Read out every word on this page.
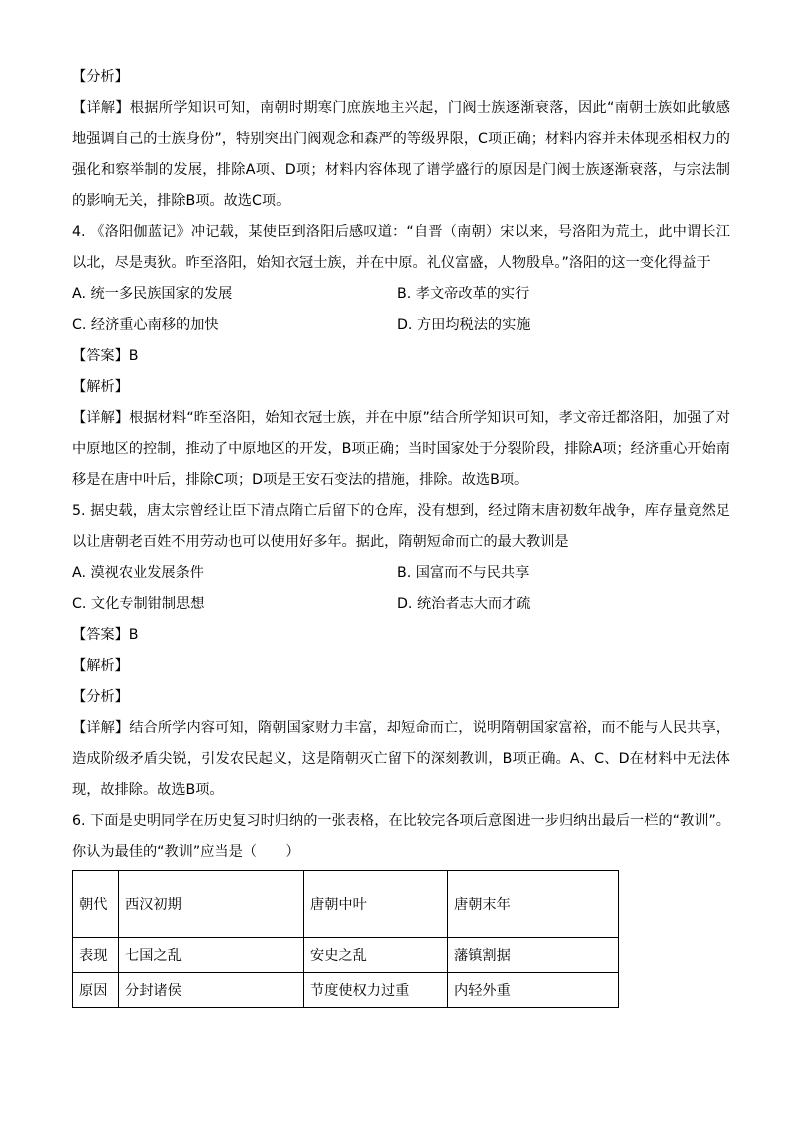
【分析】

【详解】根据所学知识可知，南朝时期寒门庶族地主兴起，门阀士族逐渐衰落，因此“南朝士族如此敏感地强调自己的士族身份”，特别突出门阀观念和森严的等级界限，C项正确；材料内容并未体现丞相权力的强化和察举制的发展，排除A项、D项；材料内容体现了谱学盛行的原因是门阀士族逐渐衰落，与宗法制的影响无关，排除B项。故选C项。

4. 《洛阳伽蓝记》冲记载，某使臣到洛阳后感叹道：“自晋（南朝）宋以来，号洛阳为荒土，此中谓长江以北，尽是夷狄。昨至洛阳，始知衣冠士族，并在中原。礼仪富盛，人物殷阜。”洛阳的这一变化得益于

A. 统一多民族国家的发展	B. 孝文帝改革的实行
C. 经济重心南移的加快	D. 方田均税法的实施

【答案】B

【解析】

【详解】根据材料“昨至洛阳，始知衣冠士族，并在中原”结合所学知识可知，孝文帝迁都洛阳，加强了对中原地区的控制，推动了中原地区的开发，B项正确；当时国家处于分裂阶段，排除A项；经济重心开始南移是在唐中叶后，排除C项；D项是王安石变法的措施，排除。故选B项。

5. 据史载，唐太宗曾经让臣下清点隋亡后留下的仓库，没有想到，经过隋末唐初数年战争，库存量竟然足以让唐朝老百姓不用劳动也可以使用好多年。据此，隋朝短命而亡的最大教训是

A. 漠视农业发展条件	B. 国富而不与民共享
C. 文化专制钳制思想	D. 统治者志大而才疏

【答案】B

【解析】

【分析】

【详解】结合所学内容可知，隋朝国家财力丰富，却短命而亡，说明隋朝国家富裕，而不能与人民共享，造成阶级矛盾尖锐，引发农民起义，这是隋朝灭亡留下的深刻教训，B项正确。A、C、D在材料中无法体现，故排除。故选B项。

6. 下面是史明同学在历史复习时归纳的一张表格，在比较完各项后意图进一步归纳出最后一栏的“教训”。你认为最佳的“教训”应当是（　　）

朝代	西汉初期	唐朝中叶	唐朝末年
表现	七国之乱	安史之乱	藩镇割据
原因	分封诸侯	节度使权力过重	内轻外重
